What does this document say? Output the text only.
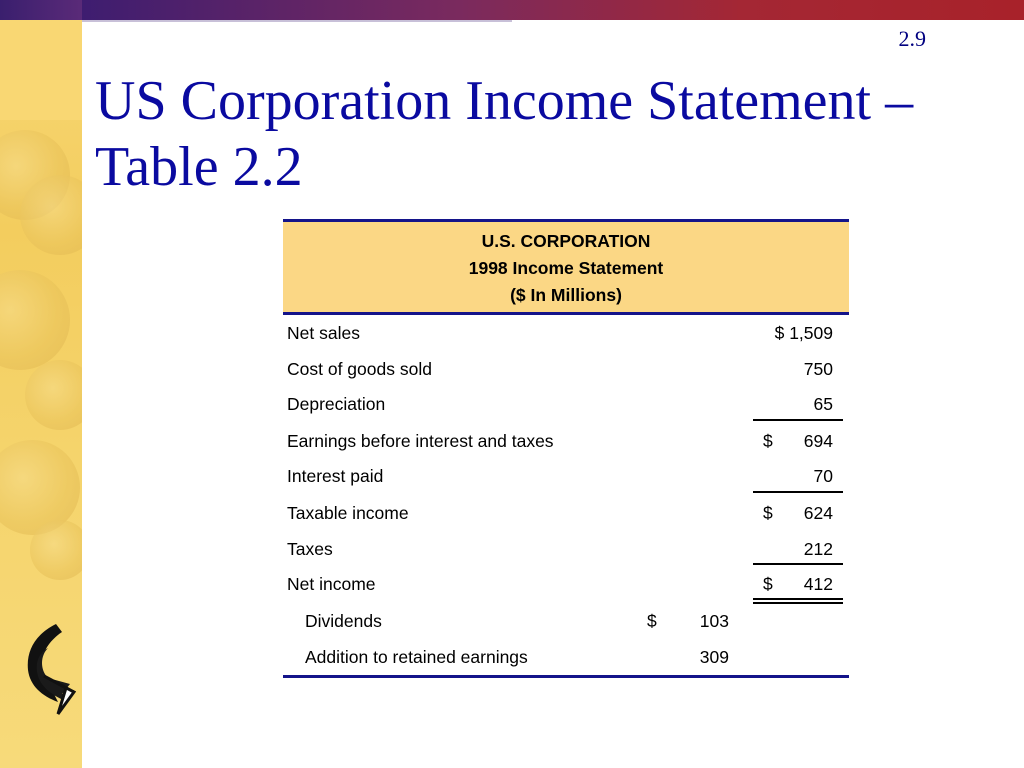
2.9
US Corporation Income Statement –
Table 2.2
U.S. CORPORATION
1998 Income Statement
($ In Millions)
Net sales	$ 1,509
Cost of goods sold	750
Depreciation	65
Earnings before interest and taxes	$ 694
Interest paid	70
Taxable income	$ 624
Taxes	212
Net income	$ 412
Dividends	$ 103
Addition to retained earnings	309
